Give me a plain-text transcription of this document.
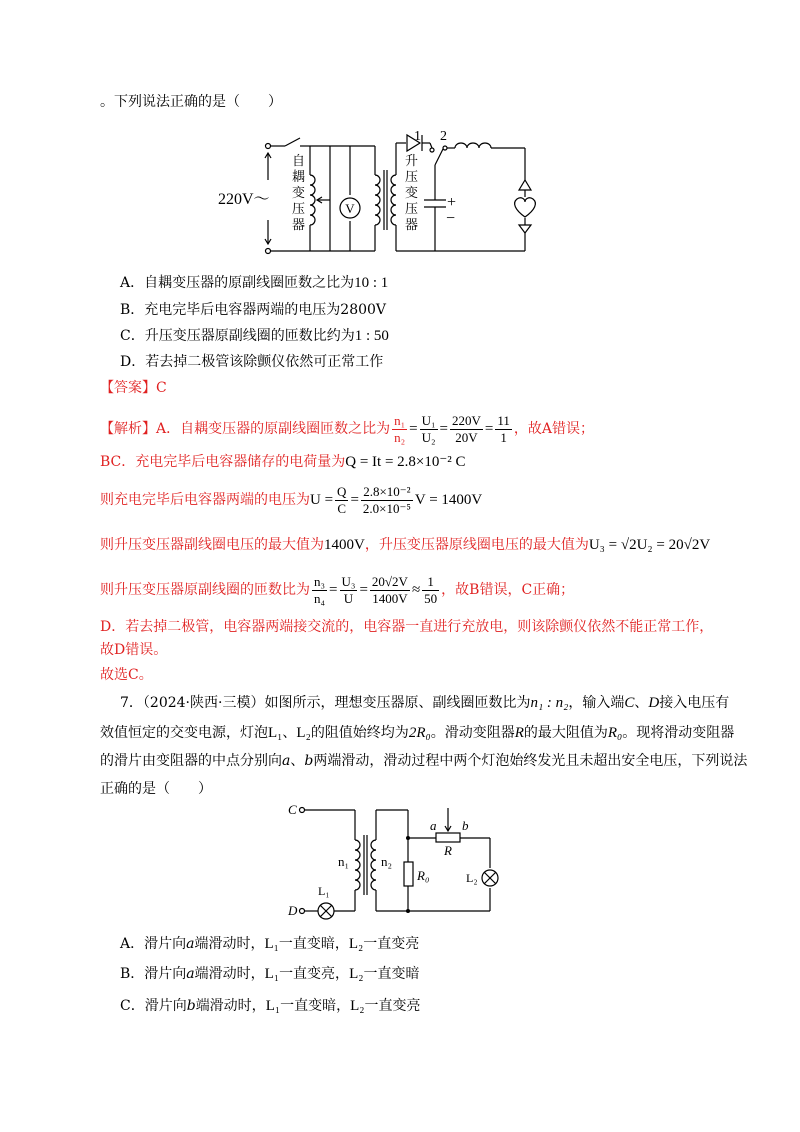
。下列说法正确的是（　　）
V
220V～
1 2
+
−
自
耦
变
压
器
升
压
变
压
器
A．自耦变压器的原副线圈匝数之比为10 : 1
B．充电完毕后电容器两端的电压为2800V
C．升压变压器原副线圈的匝数比约为1 : 50
D．若去掉二极管该除颤仪依然可正常工作
【答案】C
【解析】A．自耦变压器的原副线圈匝数之比为 $\frac{\text{n₁}}{\text{n₂}} = \frac{\text{U₁}}{\text{U₂}} = \frac{220V}{20V} = \frac{11}{1}$ ，故A错误；
BC．充电完毕后电容器储存的电荷量为Q = It = 2.8×10⁻² C
则充电完毕后电容器两端的电压为$U = \frac{Q}{C} = \frac{\text{2.8×10⁻²}}{\text{2.0×10⁻⁵}}$ V = 1400V
则升压变压器副线圈电压的最大值为1400V，升压变压器原线圈电压的最大值为U₃ = √2U₂ = 20√2V
则升压变压器原副线圈的匝数比为 $\frac{\text{n₃}}{\text{n₄}} = \frac{\text{U₃}}{U} = \frac{20√2V}{1400V} \approx \frac{1}{50}$ ，故B错误，C正确；
D．若去掉二极管，电容器两端接交流的，电容器一直进行充放电，则该除颤仪依然不能正常工作，
故D错误。
故选C。
7．（2024·陕西·三模）如图所示，理想变压器原、副线圈匝数比为n₁ : n₂，输入端C、D接入电压有
效值恒定的交变电源，灯泡L₁、L₂的阻值始终均为2R₀。滑动变阻器R的最大阻值为R₀。现将滑动变阻器
的滑片由变阻器的中点分别向a、b两端滑动，滑动过程中两个灯泡始终发光且未超出安全电压，下列说法
正确的是（　　）
C
D
n₁ n₂
a b
R
R₀
L₁
L₂
A．滑片向a端滑动时，L₁一直变暗，L₂一直变亮
B．滑片向a端滑动时，L₁一直变亮，L₂一直变暗
C．滑片向b端滑动时，L₁一直变暗，L₂一直变亮
